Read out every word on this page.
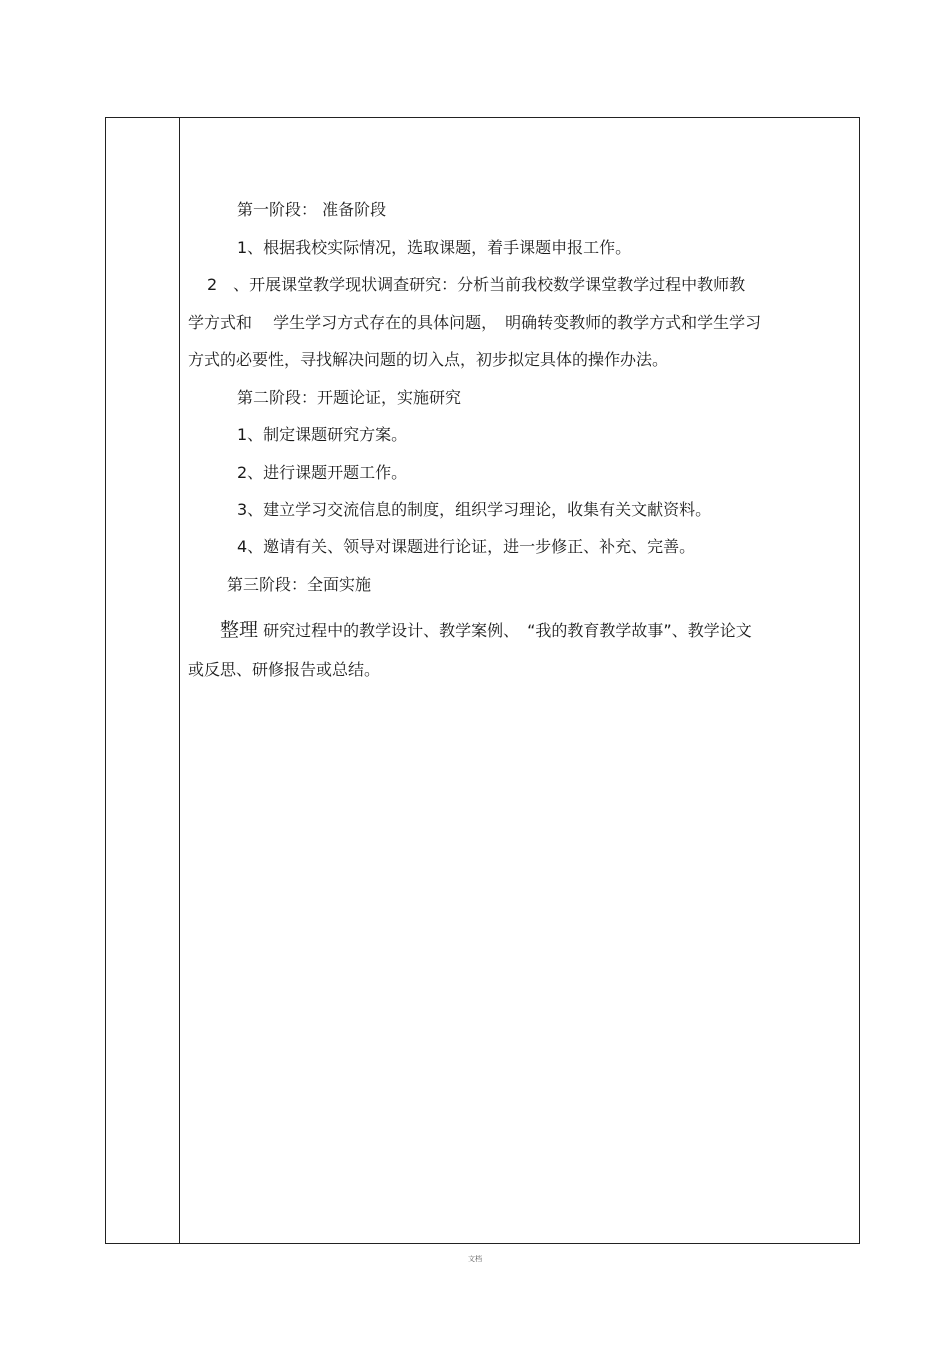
第一阶段： 准备阶段
1、根据我校实际情况，选取课题，着手课题申报工作。
2　、开展课堂教学现状调查研究：分析当前我校数学课堂教学过程中教师教
学方式和　 学生学习方式存在的具体问题，　明确转变教师的教学方式和学生学习
方式的必要性，寻找解决问题的切入点，初步拟定具体的操作办法。
第二阶段：开题论证，实施研究
1、制定课题研究方案。
2、进行课题开题工作。
3、建立学习交流信息的制度，组织学习理论，收集有关文献资料。
4、邀请有关、领导对课题进行论证，进一步修正、补充、完善。
第三阶段：全面实施
整理 研究过程中的教学设计、教学案例、　“我的教育教学故事”、教学论文
或反思、研修报告或总结。
文档
